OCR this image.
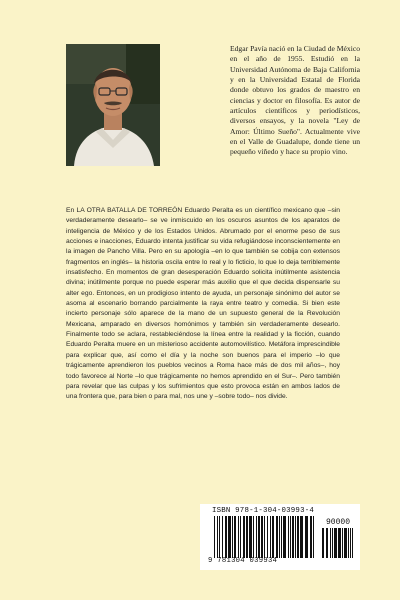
Edgar Pavía nació en la Ciudad de México en el año de 1955. Estudió en la Universidad Autónoma de Baja California y en la Universidad Estatal de Florida donde obtuvo los grados de maestro en ciencias y doctor en filosofía. Es autor de artículos científicos y periodísticos, diversos ensayos, y la novela "Ley de Amor: Último Sueño". Actualmente vive en el Valle de Guadalupe, donde tiene un pequeño viñedo y hace su propio vino.
En LA OTRA BATALLA DE TORREÓN Eduardo Peralta es un científico mexicano que –sin verdaderamente desearlo– se ve inmiscuido en los oscuros asuntos de los aparatos de inteligencia de México y de los Estados Unidos. Abrumado por el enorme peso de sus acciones e inacciones, Eduardo intenta justificar su vida refugiándose inconscientemente en la imagen de Pancho Villa. Pero en su apología –en lo que también se cobija con extensos fragmentos en inglés– la historia oscila entre lo real y lo ficticio, lo que lo deja terriblemente insatisfecho. En momentos de gran desesperación Eduardo solicita inútilmente asistencia divina; inútilmente porque no puede esperar más auxilio que el que decida dispensarle su alter ego. Entonces, en un prodigioso intento de ayuda, un personaje sinónimo del autor se asoma al escenario borrando parcialmente la raya entre teatro y comedia. Si bien este incierto personaje sólo aparece de la mano de un supuesto general de la Revolución Mexicana, amparado en diversos homónimos y también sin verdaderamente desearlo. Finalmente todo se aclara, restableciéndose la línea entre la realidad y la ficción, cuando Eduardo Peralta muere en un misterioso accidente automovilístico. Metáfora imprescindible para explicar que, así como el día y la noche son buenos para el imperio –lo que trágicamente aprendieron los pueblos vecinos a Roma hace más de dos mil años–, hoy todo favorece al Norte –lo que trágicamente no hemos aprendido en el Sur–. Pero también para revelar que las culpas y los sufrimientos que esto provoca están en ambos lados de una frontera que, para bien o para mal, nos une y –sobre todo– nos divide.
ISBN 978-1-304-03993-4
90000
9 781304 039934
